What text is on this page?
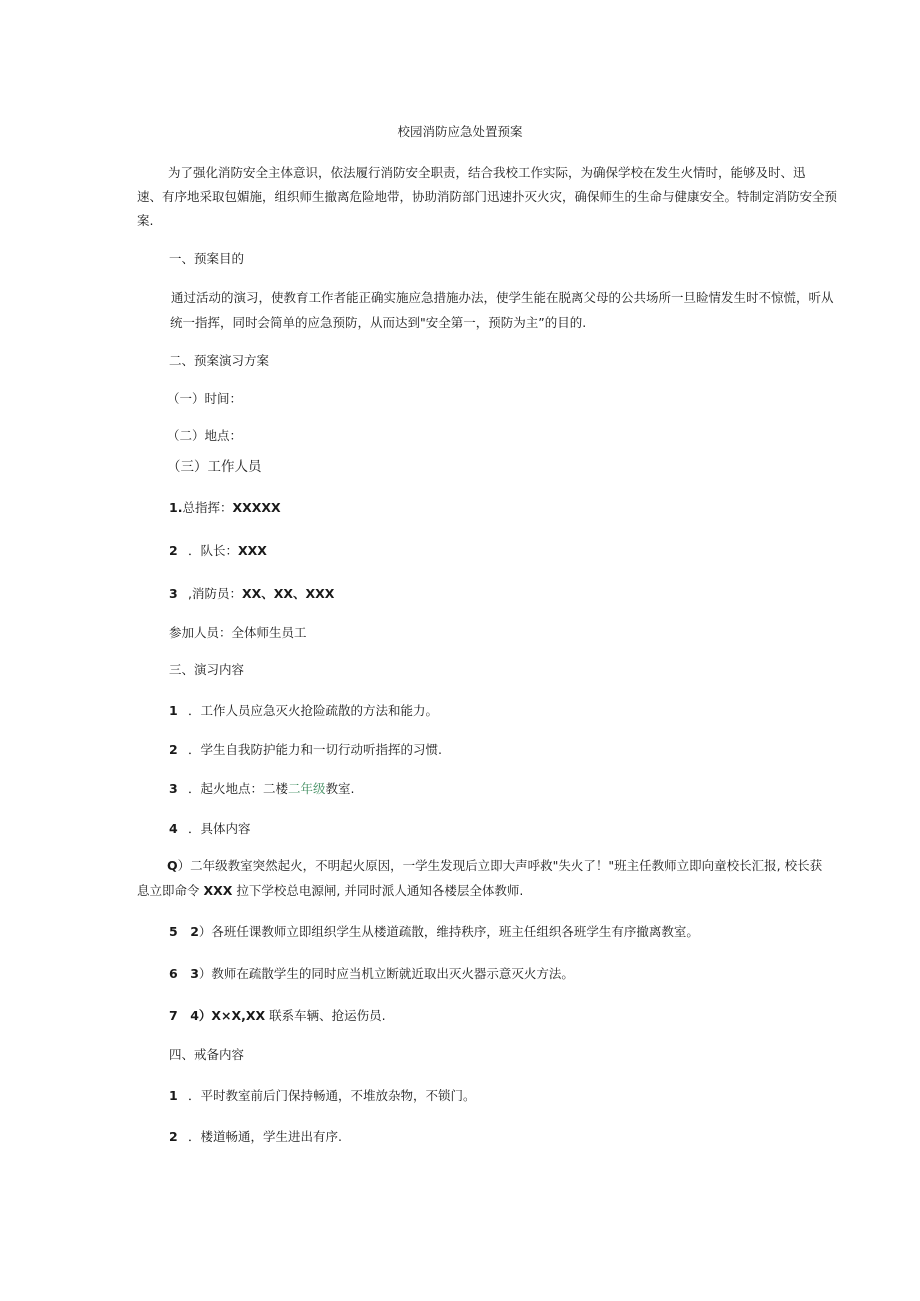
校园消防应急处置预案
为了强化消防安全主体意识，依法履行消防安全职责，结合我校工作实际，为确保学校在发生火情时，能够及时、迅
速、有序地采取包媚施，组织师生撤离危险地带，协助消防部门迅速扑灭火灾，确保师生的生命与健康安全。特制定消防安全预
案.
一、预案目的
通过活动的演习，使教育工作者能正确实施应急措施办法，使学生能在脱离父母的公共场所一旦睑情发生时不惊慌，听从
统一指挥，同时会简单的应急预防，从而达到"安全第一，预防为主”的目的.
二、预案演习方案
（一）时间：
（二）地点：
（三）工作人员
1.总指挥：XXXXX
2 ．队长：XXX
3 ,消防员：XX、XX、XXX
参加人员：全体师生员工
三、演习内容
1 ．工作人员应急灭火抢险疏散的方法和能力。
2 ．学生自我防护能力和一切行动听指挥的习惯.
3 ．起火地点：二楼二年级教室.
4 ．具体内容
Q）二年级教室突然起火，不明起火原因，一学生发现后立即大声呼救"失火了！"班主任教师立即向童校长汇报, 校长获
息立即命令 XXX 拉下学校总电源闸, 并同时派人通知各楼层全体教师.
5　2）各班任课教师立即组织学生从楼道疏散，维持秩序，班主任组织各班学生有序撤离教室。
6　3）教师在疏散学生的同时应当机立断就近取出灭火器示意灭火方法。
7　4）X×X,XX 联系车辆、抢运伤员.
四、戒备内容
1 ．平时教室前后门保持畅通，不堆放杂物，不锁门。
2 ．楼道畅通，学生进出有序.
